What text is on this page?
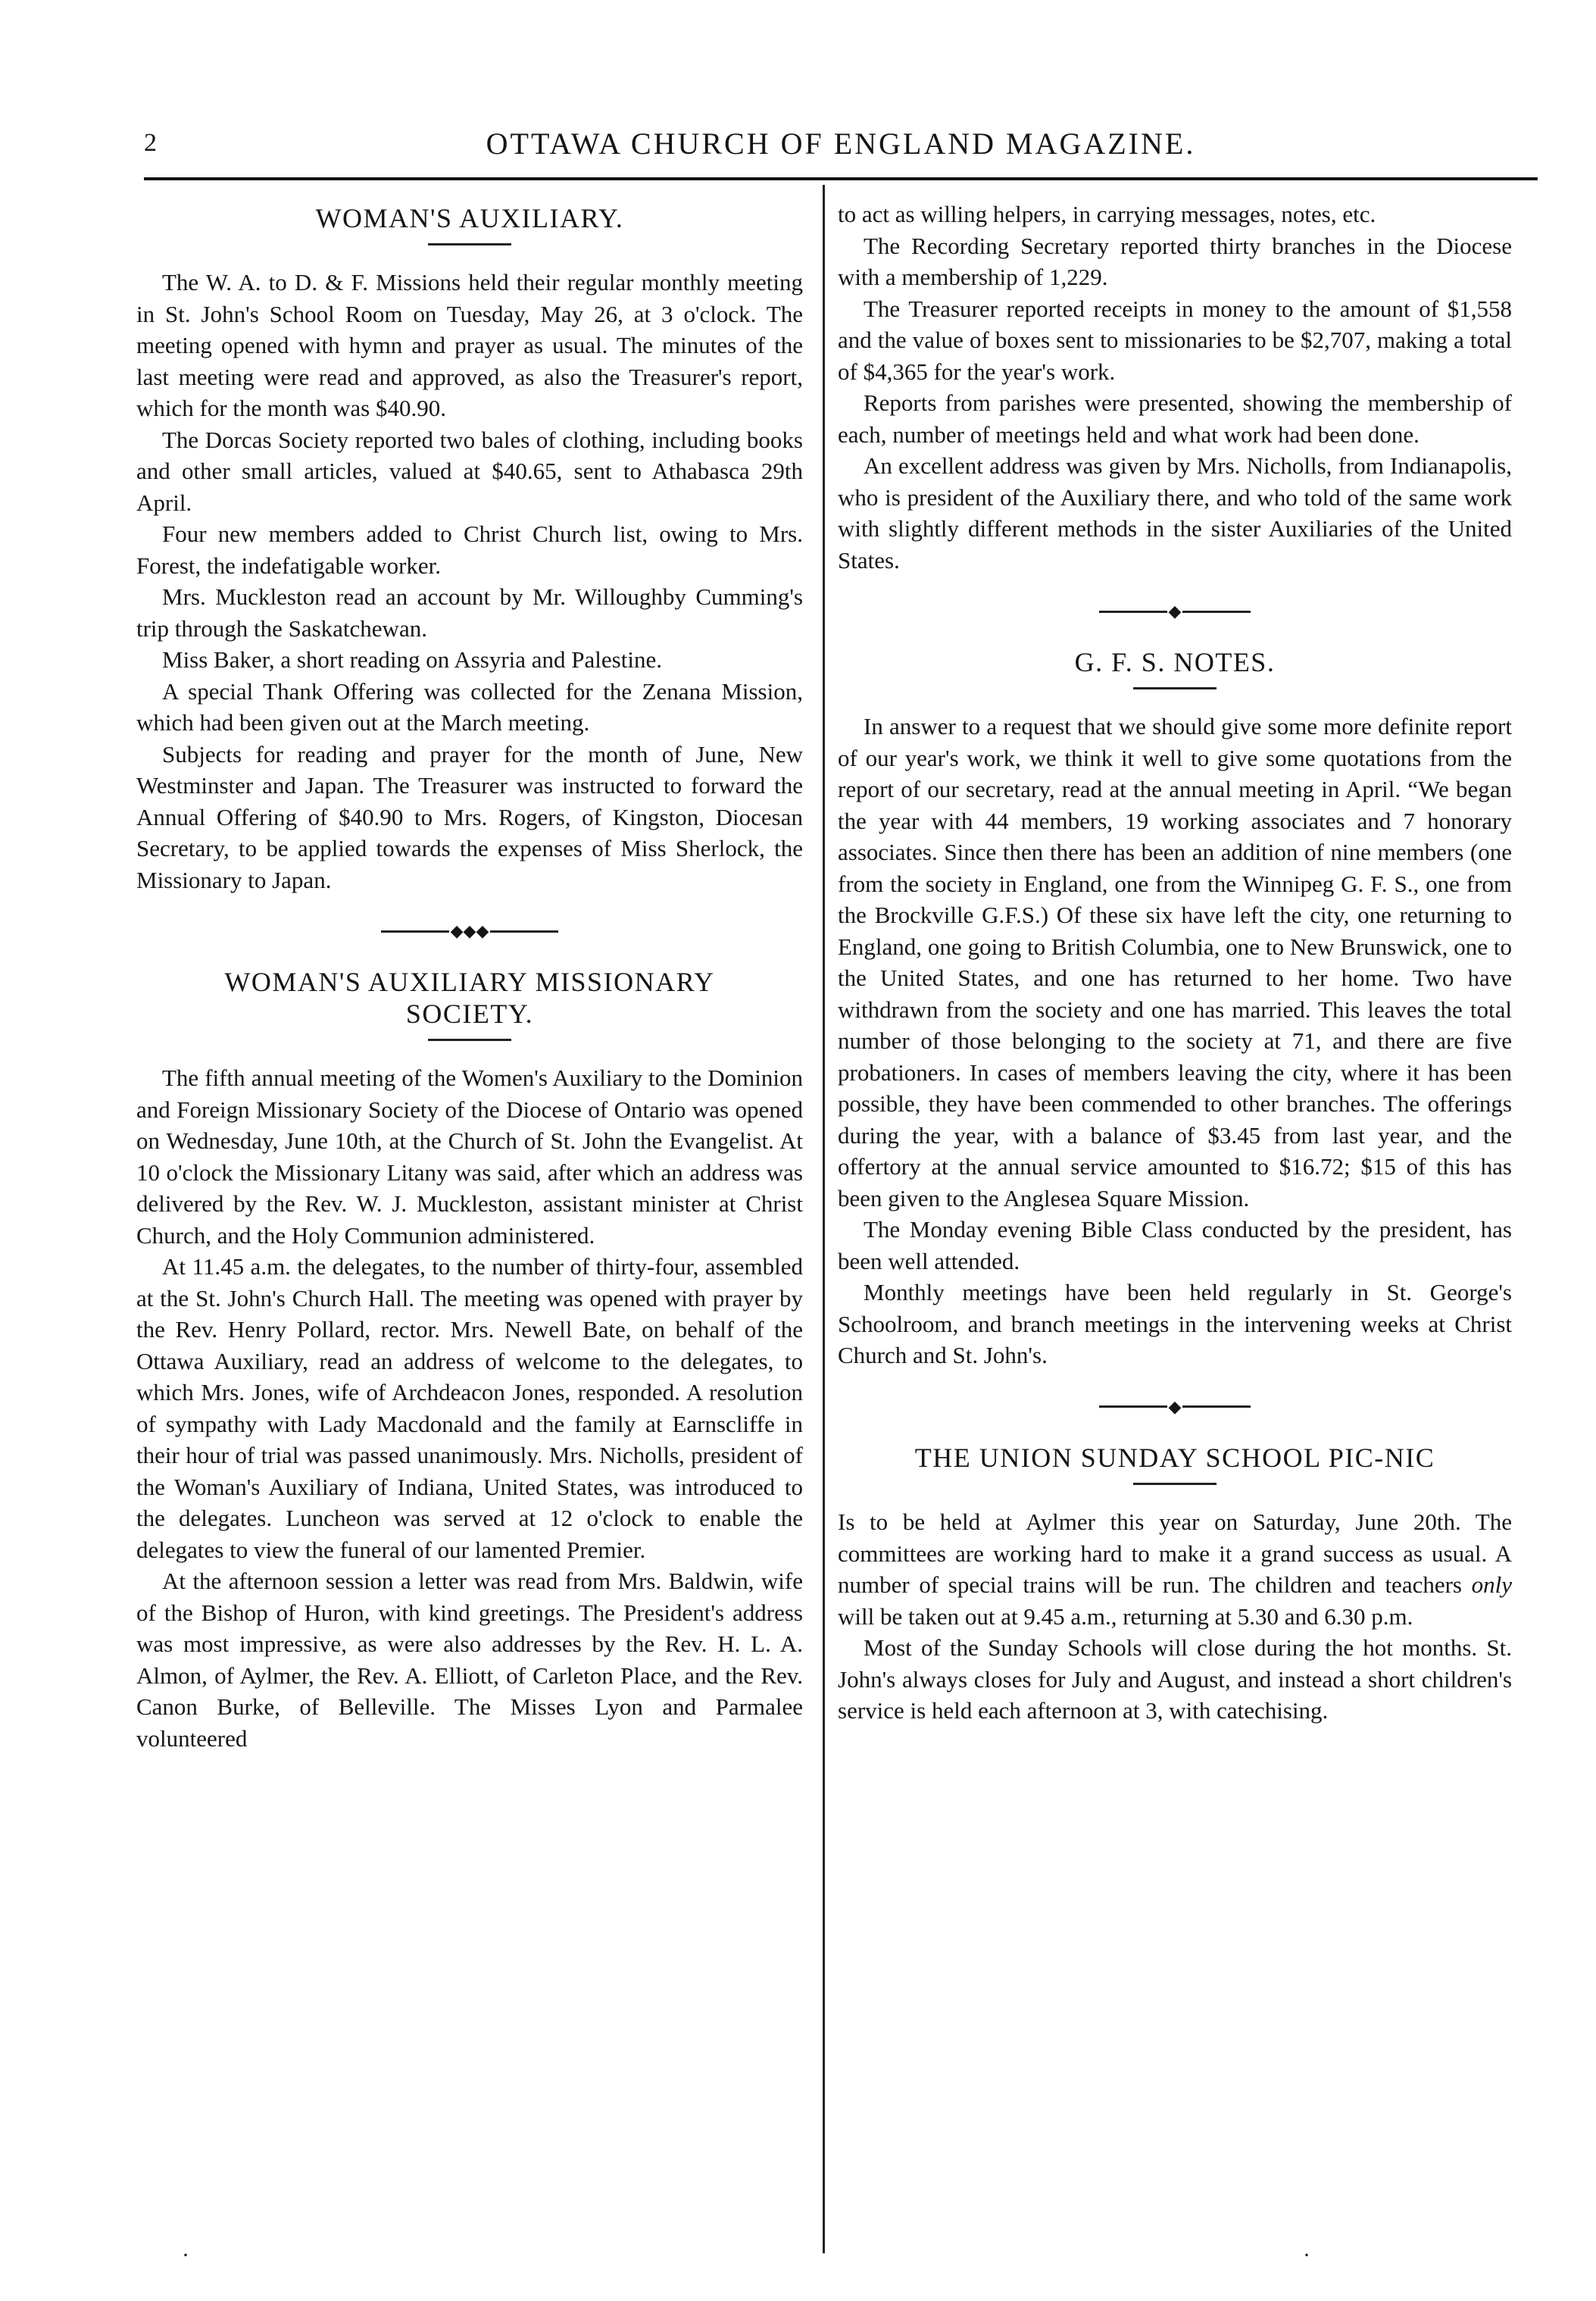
2	OTTAWA CHURCH OF ENGLAND MAGAZINE.
WOMAN'S AUXILIARY.

The W. A. to D. & F. Missions held their regular monthly meeting in St. John's School Room on Tuesday, May 26, at 3 o'clock. The meeting opened with hymn and prayer as usual. The minutes of the last meeting were read and approved, as also the Treasurer's report, which for the month was $40.90.

The Dorcas Society reported two bales of clothing, including books and other small articles, valued at $40.65, sent to Athabasca 29th April.

Four new members added to Christ Church list, owing to Mrs. Forest, the indefatigable worker.

Mrs. Muckleston read an account by Mr. Willoughby Cumming's trip through the Saskatchewan.

Miss Baker, a short reading on Assyria and Palestine.

A special Thank Offering was collected for the Zenana Mission, which had been given out at the March meeting.

Subjects for reading and prayer for the month of June, New Westminster and Japan. The Treasurer was instructed to forward the Annual Offering of $40.90 to Mrs. Rogers, of Kingston, Diocesan Secretary, to be applied towards the expenses of Miss Sherlock, the Missionary to Japan.

◆◆◆
WOMAN'S AUXILIARY MISSIONARY SOCIETY.

The fifth annual meeting of the Women's Auxiliary to the Dominion and Foreign Missionary Society of the Diocese of Ontario was opened on Wednesday, June 10th, at the Church of St. John the Evangelist. At 10 o'clock the Missionary Litany was said, after which an address was delivered by the Rev. W. J. Muckleston, assistant minister at Christ Church, and the Holy Communion administered.

At 11.45 a.m. the delegates, to the number of thirty-four, assembled at the St. John's Church Hall. The meeting was opened with prayer by the Rev. Henry Pollard, rector. Mrs. Newell Bate, on behalf of the Ottawa Auxiliary, read an address of welcome to the delegates, to which Mrs. Jones, wife of Archdeacon Jones, responded. A resolution of sympathy with Lady Macdonald and the family at Earnscliffe in their hour of trial was passed unanimously. Mrs. Nicholls, president of the Woman's Auxiliary of Indiana, United States, was introduced to the delegates. Luncheon was served at 12 o'clock to enable the delegates to view the funeral of our lamented Premier.

At the afternoon session a letter was read from Mrs. Baldwin, wife of the Bishop of Huron, with kind greetings. The President's address was most impressive, as were also addresses by the Rev. H. L. A. Almon, of Aylmer, the Rev. A. Elliott, of Carleton Place, and the Rev. Canon Burke, of Belleville. The Misses Lyon and Parmalee volunteered

to act as willing helpers, in carrying messages, notes, etc.

The Recording Secretary reported thirty branches in the Diocese with a membership of 1,229.

The Treasurer reported receipts in money to the amount of $1,558 and the value of boxes sent to missionaries to be $2,707, making a total of $4,365 for the year's work.

Reports from parishes were presented, showing the membership of each, number of meetings held and what work had been done.

An excellent address was given by Mrs. Nicholls, from Indianapolis, who is president of the Auxiliary there, and who told of the same work with slightly different methods in the sister Auxiliaries of the United States.

◆
G. F. S. NOTES.

In answer to a request that we should give some more definite report of our year's work, we think it well to give some quotations from the report of our secretary, read at the annual meeting in April. “We began the year with 44 members, 19 working associates and 7 honorary associates. Since then there has been an addition of nine members (one from the society in England, one from the Winnipeg G. F. S., one from the Brockville G.F.S.) Of these six have left the city, one returning to England, one going to British Columbia, one to New Brunswick, one to the United States, and one has returned to her home. Two have withdrawn from the society and one has married. This leaves the total number of those belonging to the society at 71, and there are five probationers. In cases of members leaving the city, where it has been possible, they have been commended to other branches. The offerings during the year, with a balance of $3.45 from last year, and the offertory at the annual service amounted to $16.72; $15 of this has been given to the Anglesea Square Mission.

The Monday evening Bible Class conducted by the president, has been well attended.

Monthly meetings have been held regularly in St. George's Schoolroom, and branch meetings in the intervening weeks at Christ Church and St. John's.

◆
THE UNION SUNDAY SCHOOL PIC-NIC

Is to be held at Aylmer this year on Saturday, June 20th. The committees are working hard to make it a grand success as usual. A number of special trains will be run. The children and teachers only will be taken out at 9.45 a.m., returning at 5.30 and 6.30 p.m.

Most of the Sunday Schools will close during the hot months. St. John's always closes for July and August, and instead a short children's service is held each afternoon at 3, with catechising.

·	·
